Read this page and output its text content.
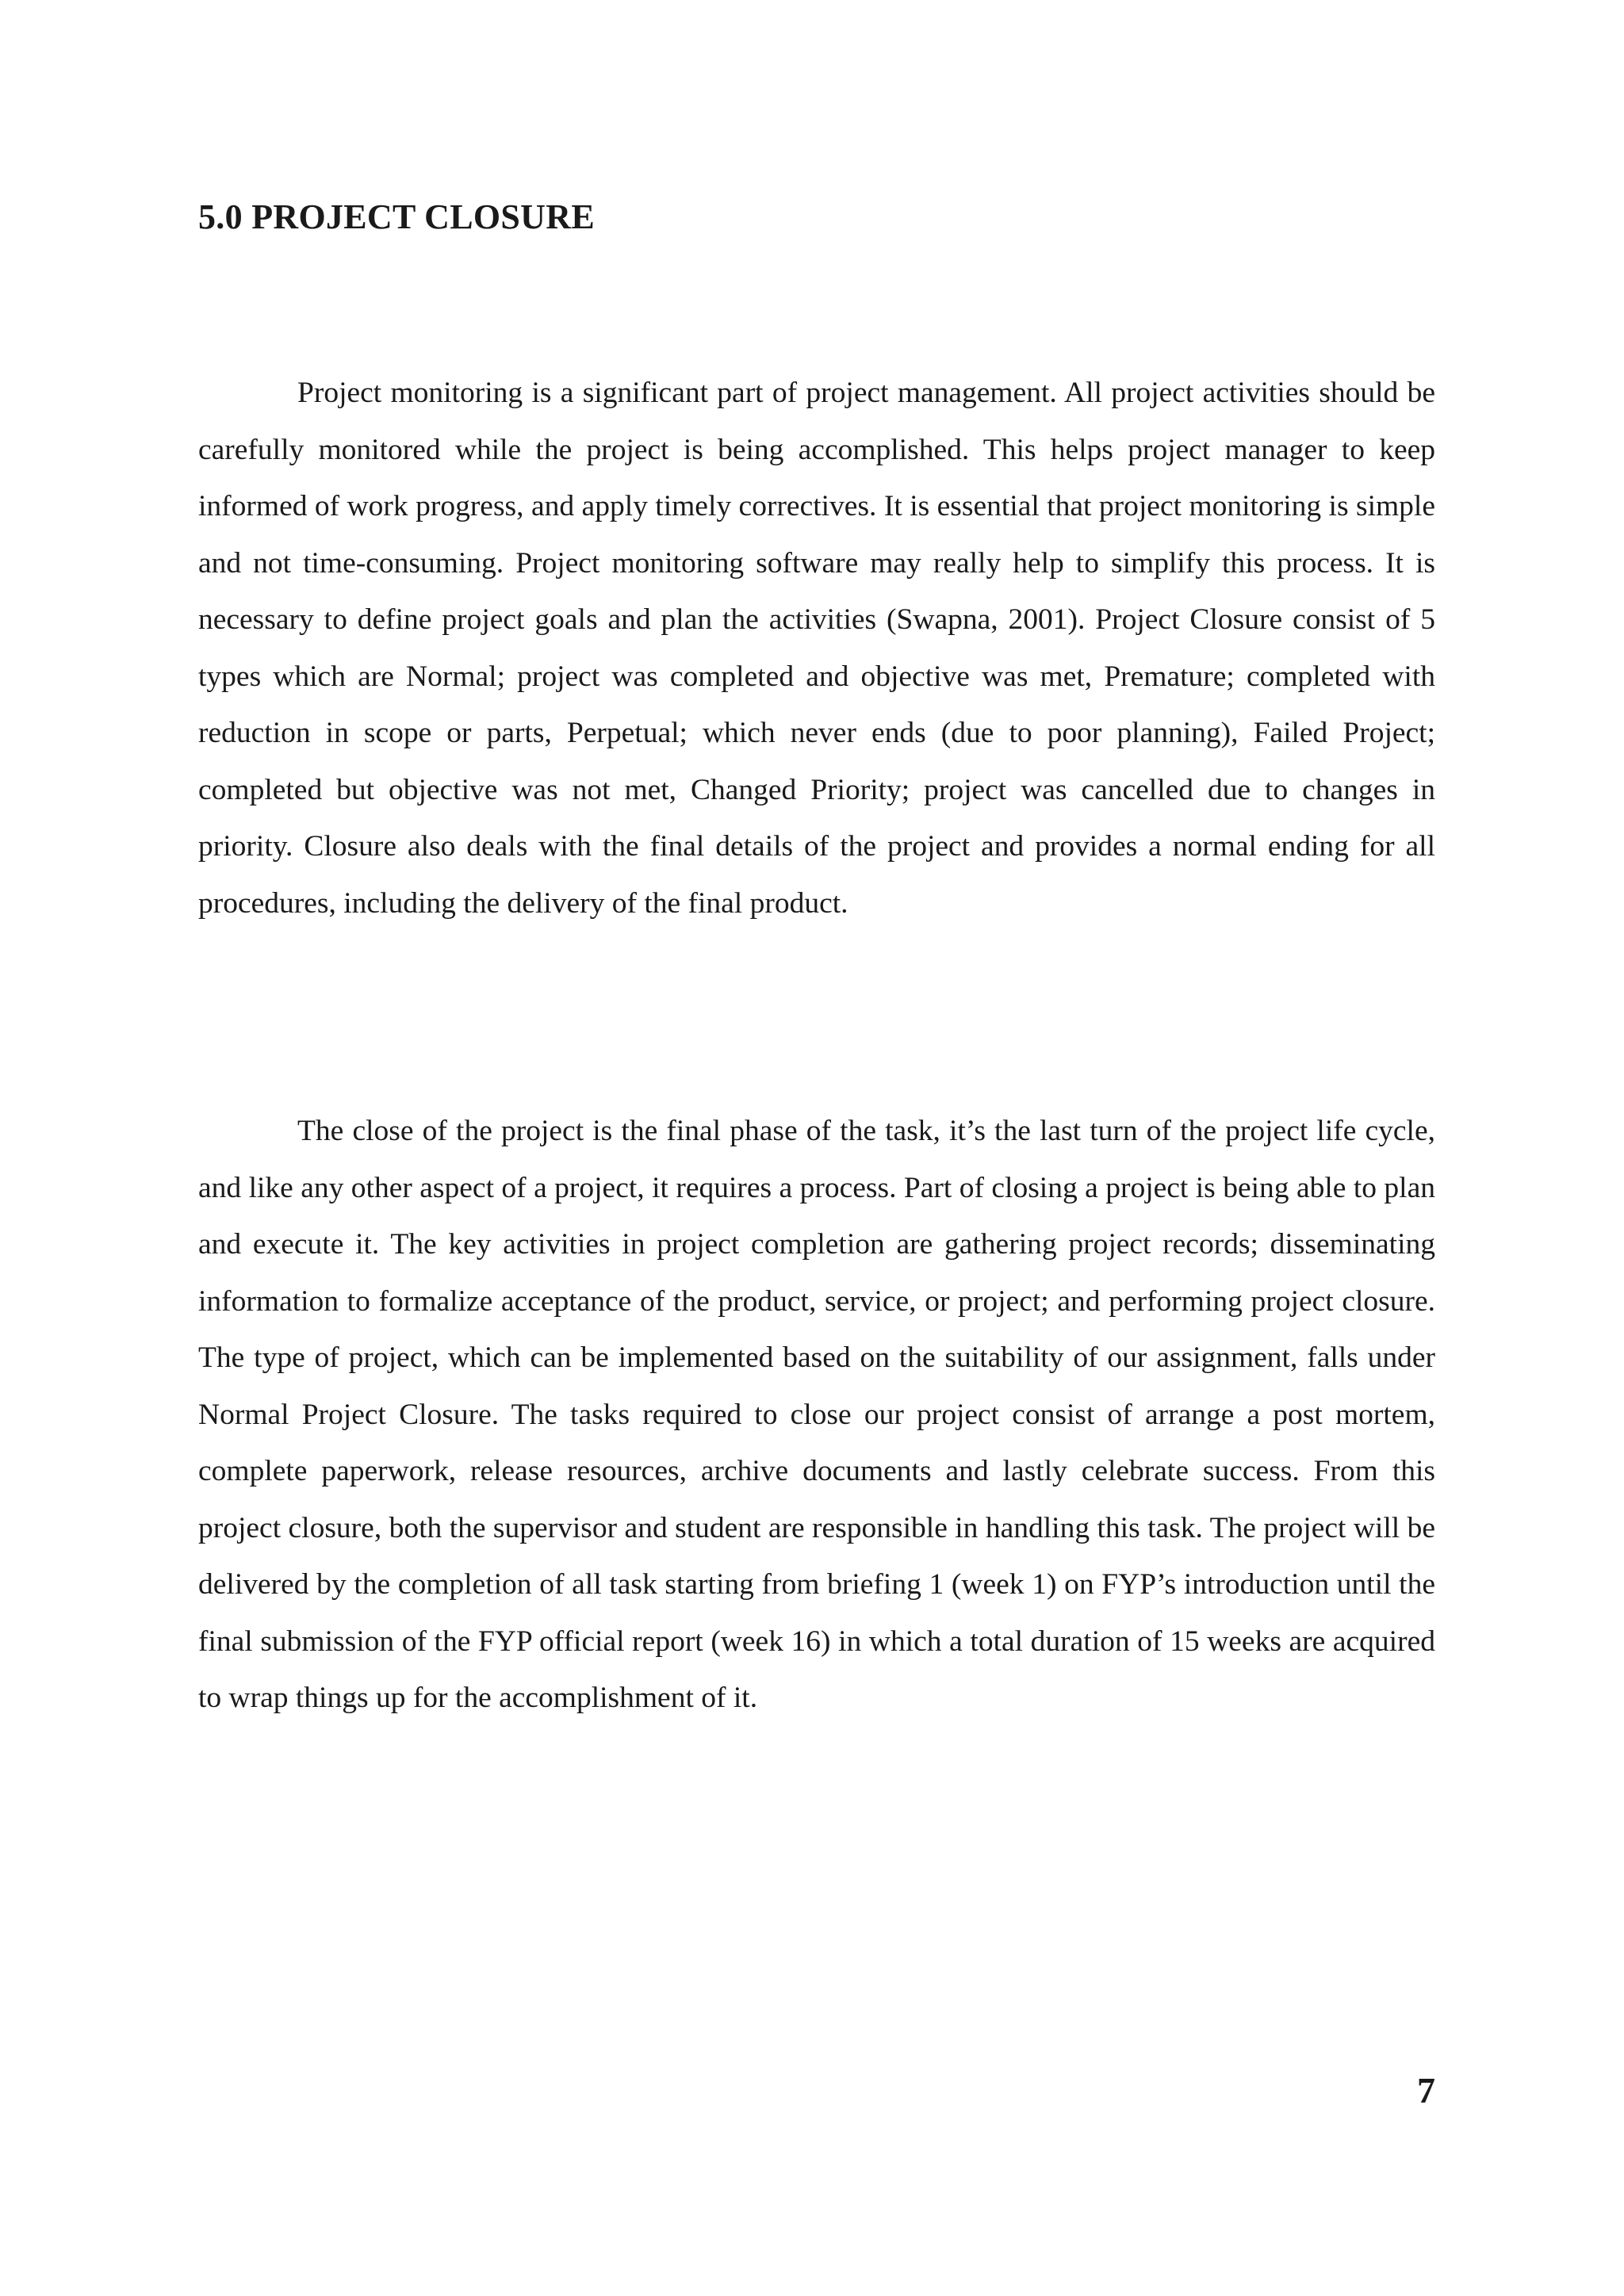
5.0 PROJECT CLOSURE

Project monitoring is a significant part of project management. All project activities should be carefully monitored while the project is being accomplished. This helps project manager to keep informed of work progress, and apply timely correctives. It is essential that project monitoring is simple and not time-consuming. Project monitoring software may really help to simplify this process. It is necessary to define project goals and plan the activities (Swapna, 2001). Project Closure consist of 5 types which are Normal; project was completed and objective was met, Premature; completed with reduction in scope or parts, Perpetual; which never ends (due to poor planning), Failed Project; completed but objective was not met, Changed Priority; project was cancelled due to changes in priority. Closure also deals with the final details of the project and provides a normal ending for all procedures, including the delivery of the final product.

The close of the project is the final phase of the task, it’s the last turn of the project life cycle, and like any other aspect of a project, it requires a process. Part of closing a project is being able to plan and execute it. The key activities in project completion are gathering project records; disseminating information to formalize acceptance of the product, service, or project; and performing project closure. The type of project, which can be implemented based on the suitability of our assignment, falls under Normal Project Closure. The tasks required to close our project consist of arrange a post mortem, complete paperwork, release resources, archive documents and lastly celebrate success. From this project closure, both the supervisor and student are responsible in handling this task. The project will be delivered by the completion of all task starting from briefing 1 (week 1) on FYP’s introduction until the final submission of the FYP official report (week 16) in which a total duration of 15 weeks are acquired to wrap things up for the accomplishment of it.

7
